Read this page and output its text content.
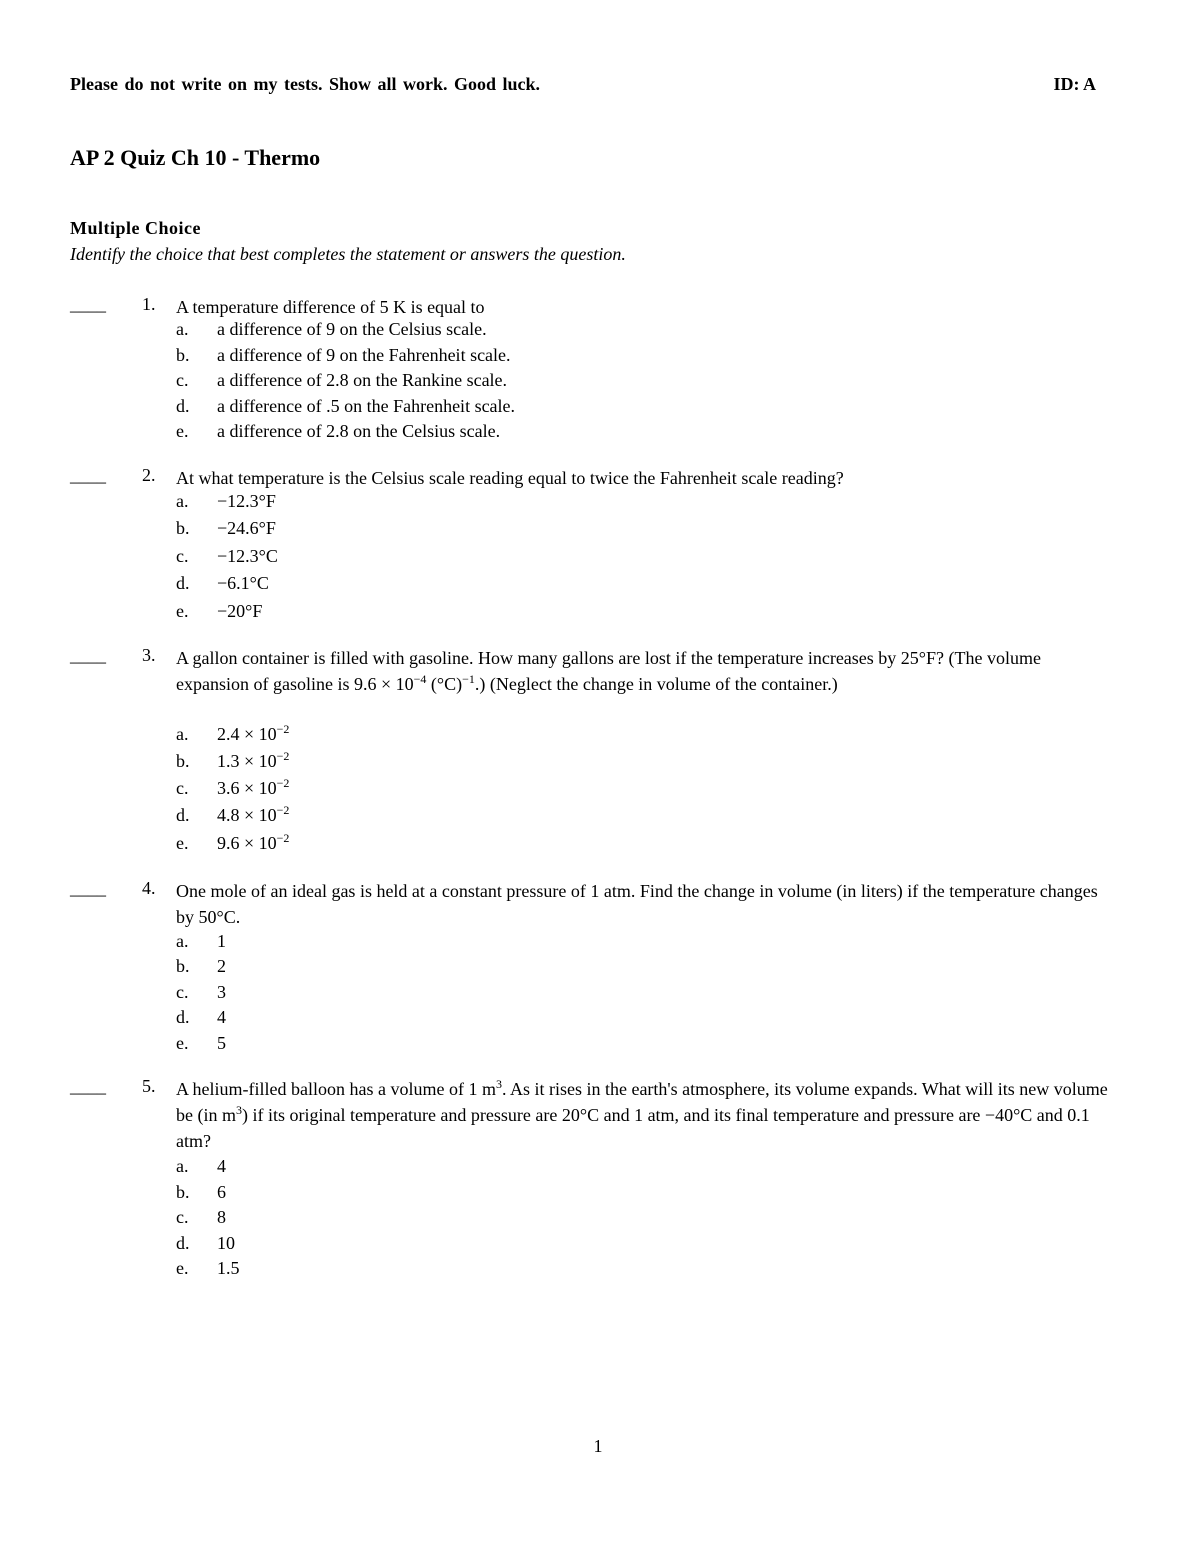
Please do not write on my tests. Show all work. Good luck.	ID: A
AP 2 Quiz Ch 10 - Thermo
Multiple Choice
Identify the choice that best completes the statement or answers the question.
____ 1. A temperature difference of 5 K is equal to
a. a difference of 9 on the Celsius scale.
b. a difference of 9 on the Fahrenheit scale.
c. a difference of 2.8 on the Rankine scale.
d. a difference of .5 on the Fahrenheit scale.
e. a difference of 2.8 on the Celsius scale.
____ 2. At what temperature is the Celsius scale reading equal to twice the Fahrenheit scale reading?
a. −12.3°F
b. −24.6°F
c. −12.3°C
d. −6.1°C
e. −20°F
____ 3. A gallon container is filled with gasoline. How many gallons are lost if the temperature increases by 25°F? (The volume expansion of gasoline is $9.6 \times 10^{-4}$ $(^\circ C)^{-1}$.) (Neglect the change in volume of the container.)
a. $2.4 \times 10^{-2}$
b. $1.3 \times 10^{-2}$
c. $3.6 \times 10^{-2}$
d. $4.8 \times 10^{-2}$
e. $9.6 \times 10^{-2}$
____ 4. One mole of an ideal gas is held at a constant pressure of 1 atm. Find the change in volume (in liters) if the temperature changes by 50°C.
a. 1
b. 2
c. 3
d. 4
e. 5
____ 5. A helium-filled balloon has a volume of 1 $m^3$. As it rises in the earth's atmosphere, its volume expands. What will its new volume be (in $m^3$) if its original temperature and pressure are 20°C and 1 atm, and its final temperature and pressure are −40°C and 0.1 atm?
a. 4
b. 6
c. 8
d. 10
e. 1.5
1
